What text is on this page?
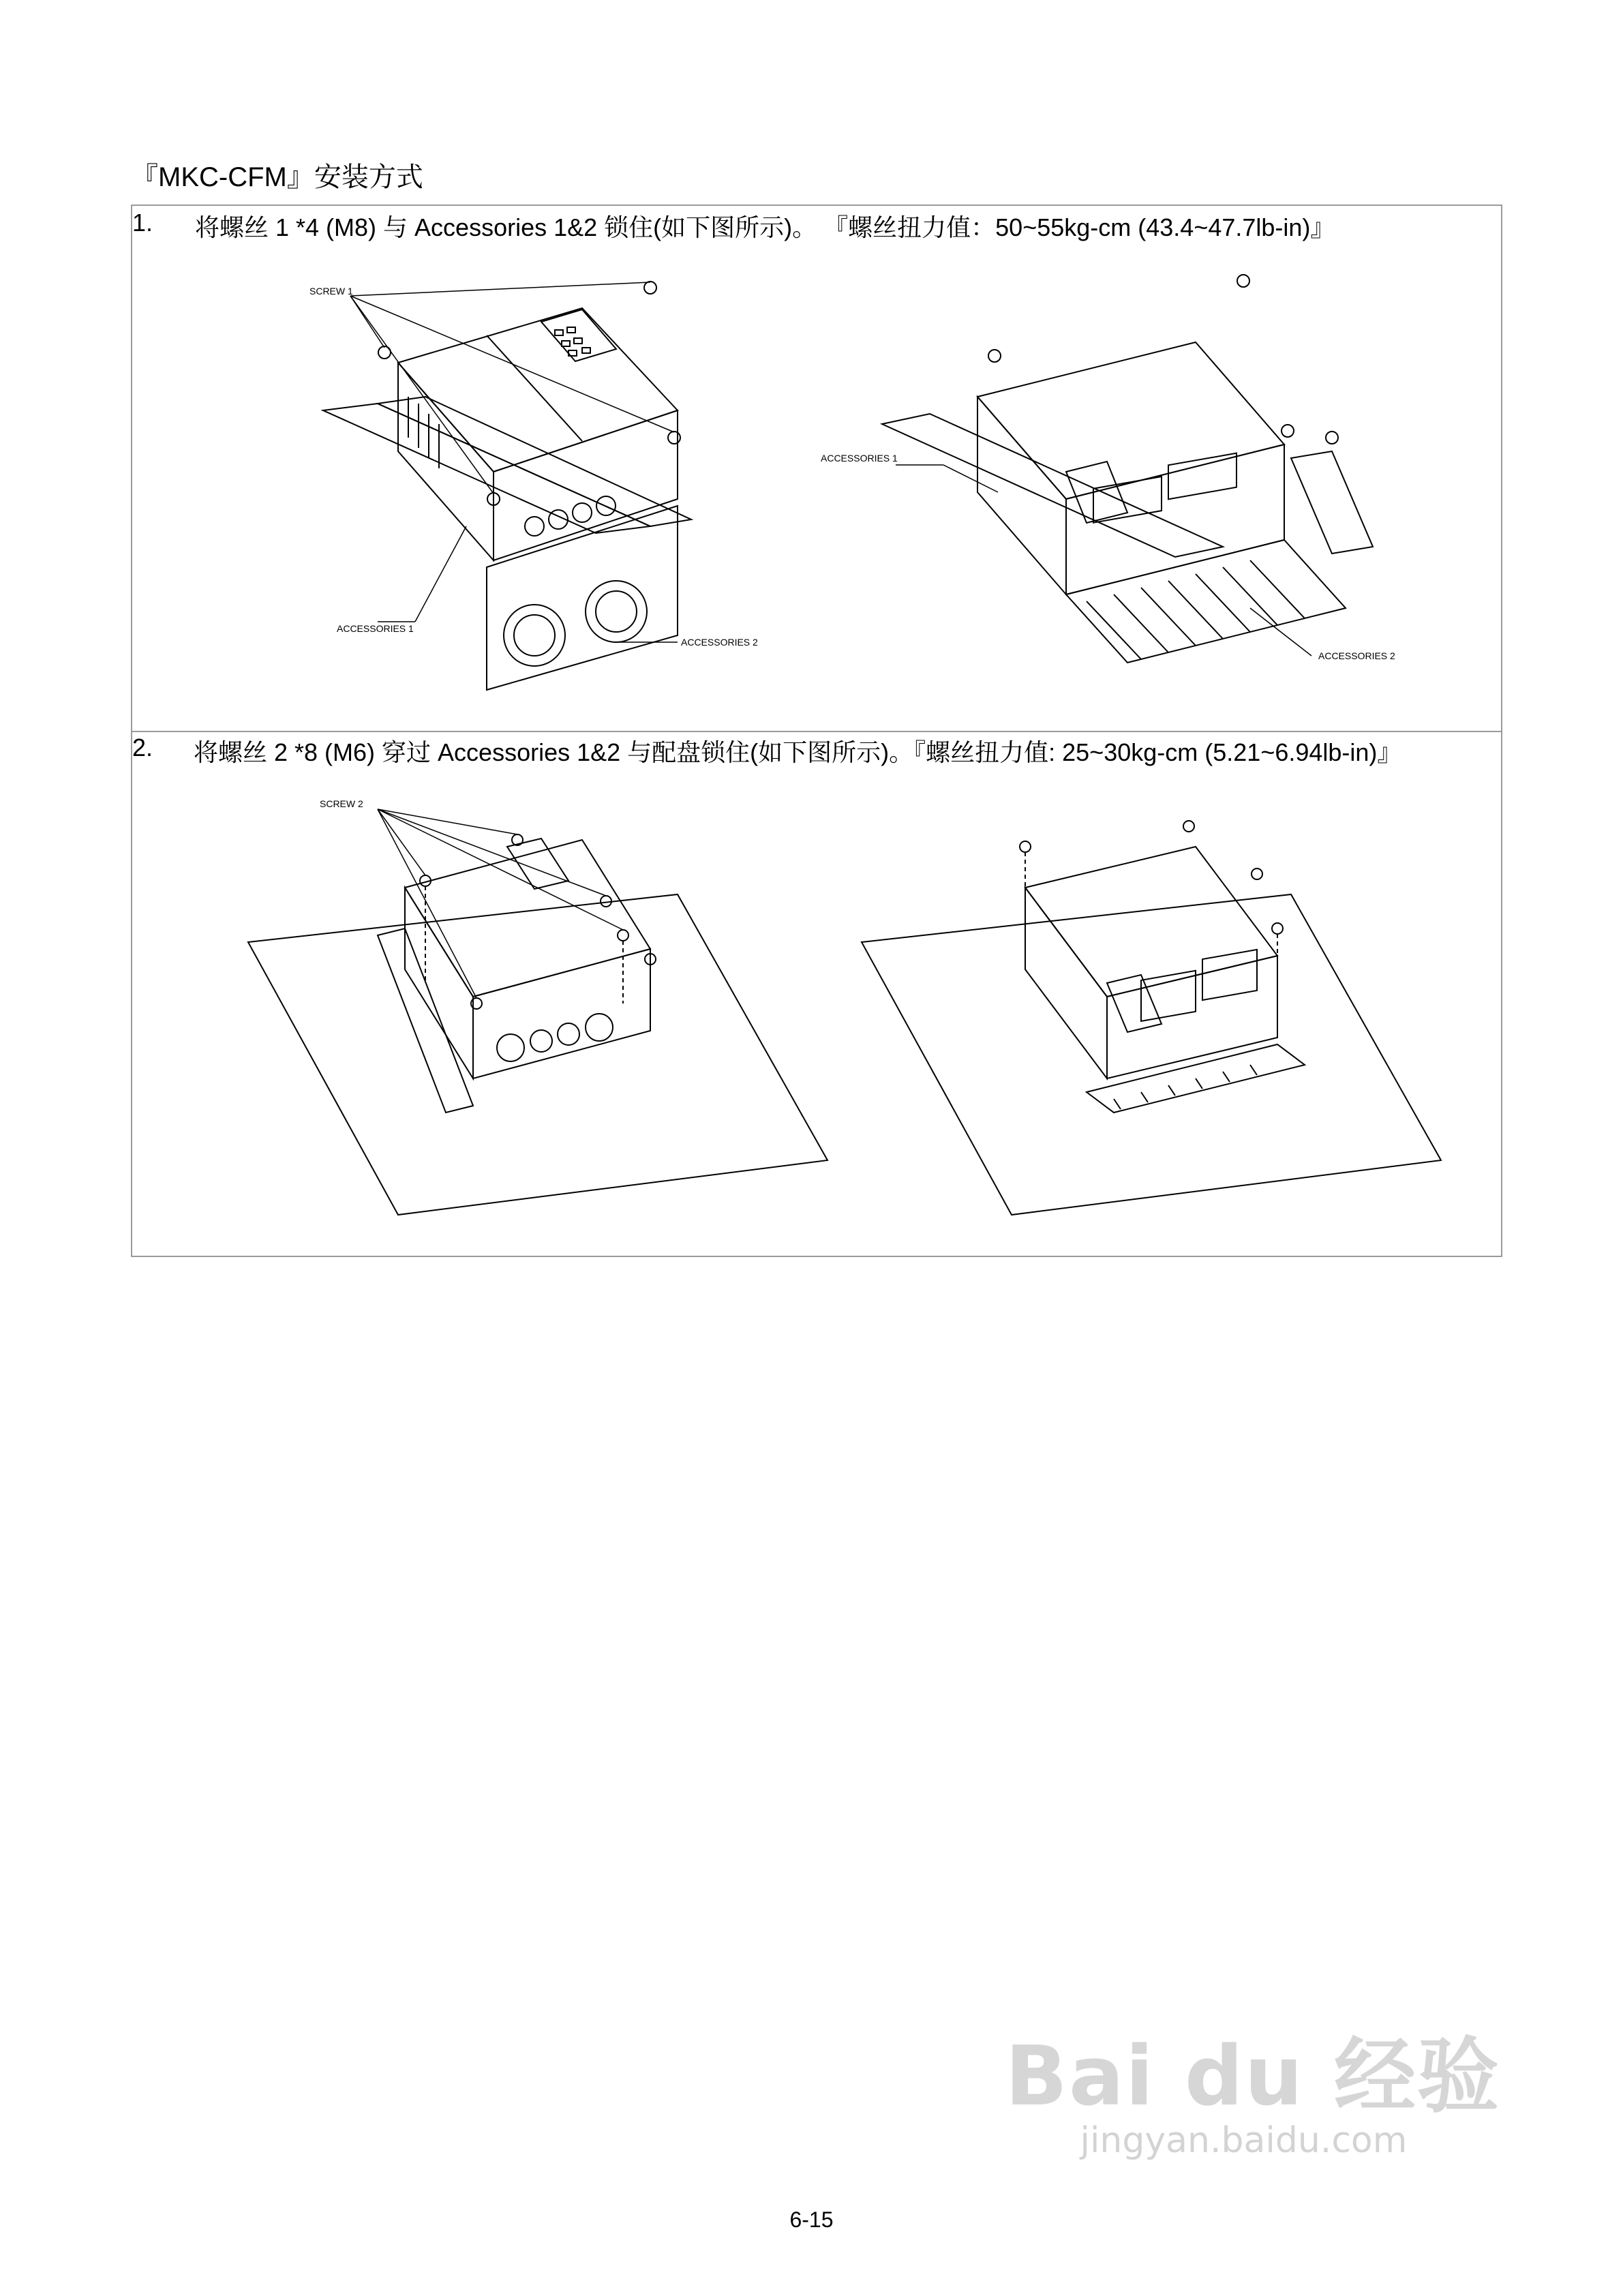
『MKC-CFM』安装方式
1. 将螺丝 1 *4 (M8) 与 Accessories 1&2 锁住(如下图所示)。 『螺丝扭力值：50~55kg-cm (43.4~47.7lb-in)』
SCREW 1
ACCESSORIES 1
ACCESSORIES 2
ACCESSORIES 1
ACCESSORIES 2
2. 将螺丝 2 *8 (M6) 穿过 Accessories 1&2 与配盘锁住(如下图所示)。『螺丝扭力值: 25~30kg-cm (5.21~6.94lb-in)』
SCREW 2
Bai du 经验
jingyan.baidu.com
6-15
